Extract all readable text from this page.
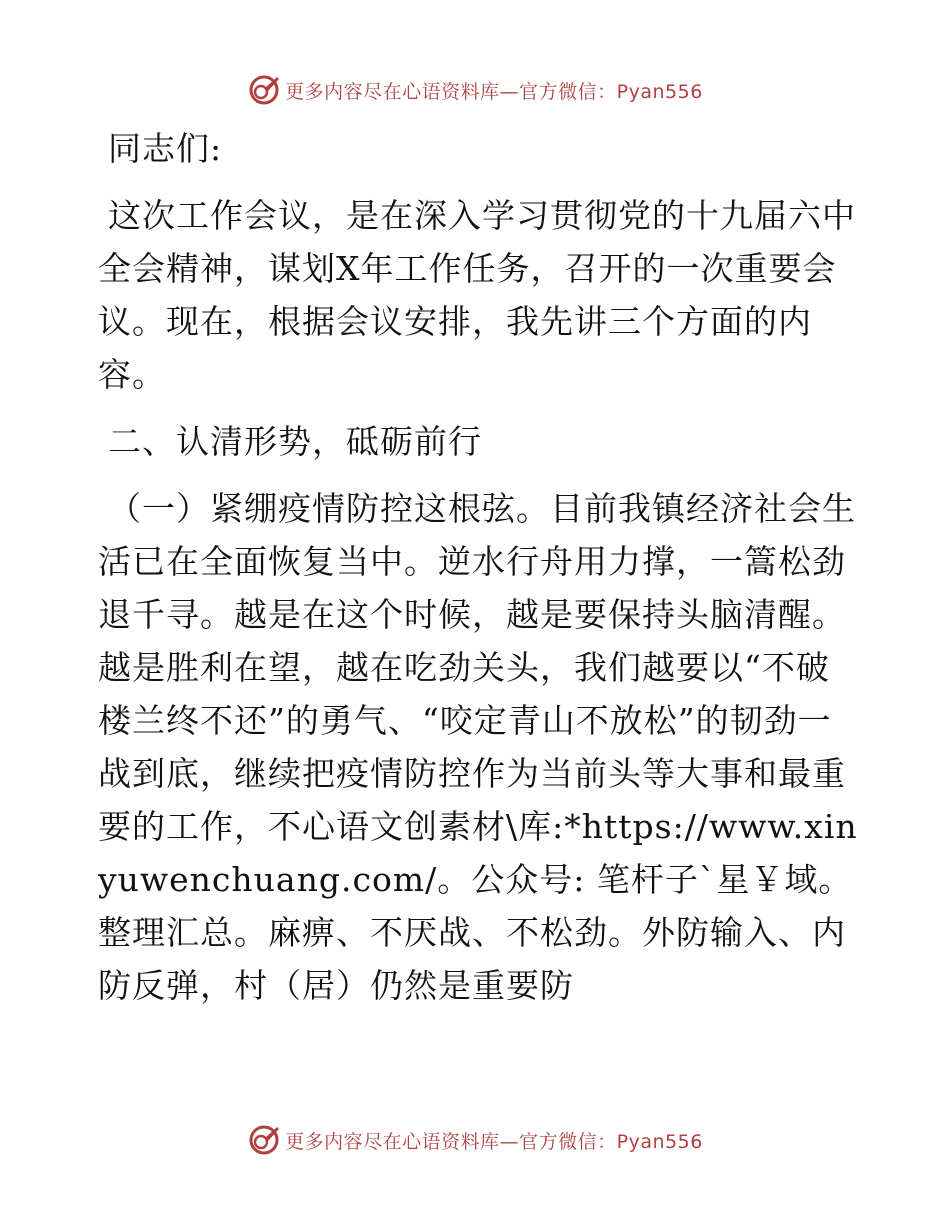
更多内容尽在心语资料库—官方微信：Pyan556

同志们:

这次工作会议，是在深入学习贯彻党的十九届六中全会精神，谋划X年工作任务，召开的一次重要会议。现在，根据会议安排，我先讲三个方面的内容。

二、认清形势，砥砺前行

（一）紧绷疫情防控这根弦。目前我镇经济社会生活已在全面恢复当中。逆水行舟用力撑，一篙松劲退千寻。越是在这个时候，越是要保持头脑清醒。越是胜利在望，越在吃劲关头，我们越要以“不破楼兰终不还”的勇气、“咬定青山不放松”的韧劲一战到底，继续把疫情防控作为当前头等大事和最重要的工作，不心语文创素材\库:*https://www.xinyuwenchuang.com/。公众号: 笔杆子`星￥域。整理汇总。麻痹、不厌战、不松劲。外防输入、内防反弹，村（居）仍然是重要防

更多内容尽在心语资料库—官方微信：Pyan556
